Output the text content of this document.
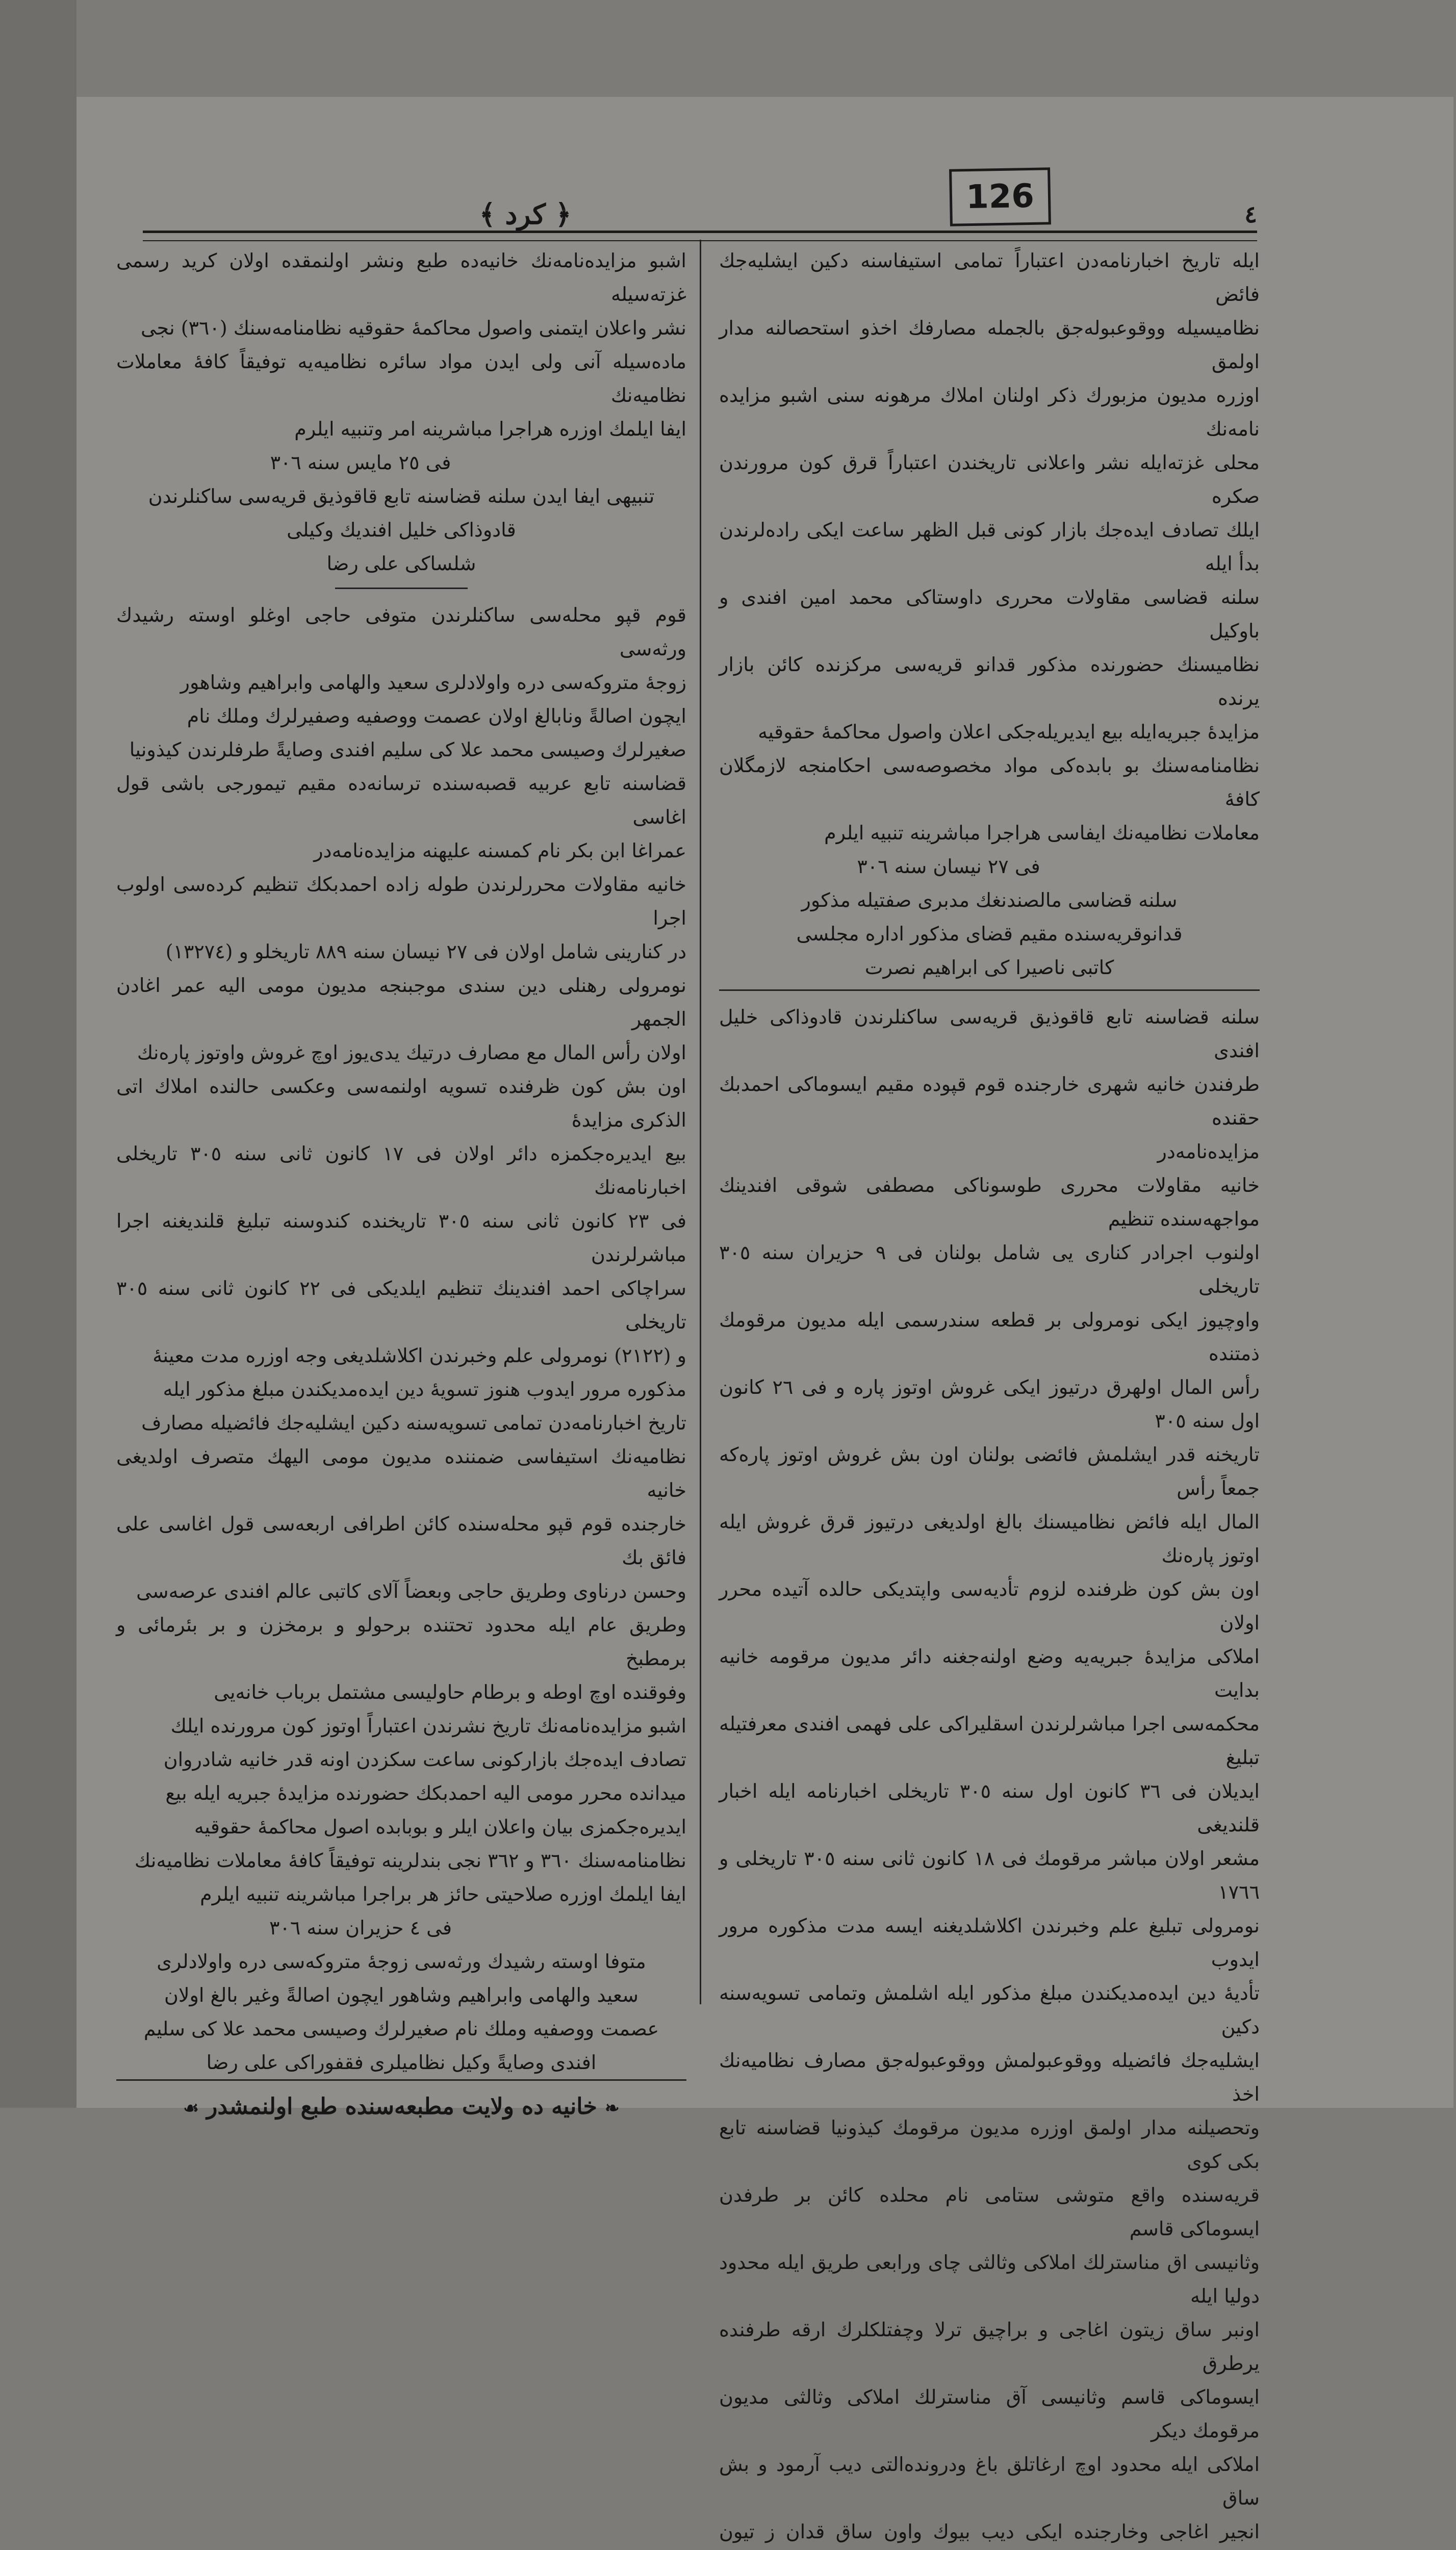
126	٤
﴿ كرد ﴾

ايله تاريخ اخبارنامه‌دن اعتباراً تمامی استيفاسنه دكين ايشليه‌جك فائض

نظاميسيله ووقوعبوله‌جق بالجمله مصارفك اخذو استحصالنه مدار اولمق

اوزره مديون مزبورك ذكر اولنان املاك مرهونه سنی اشبو مزايده نامه‌نك

محلی غزته‌ايله نشر واعلانی تاريخندن اعتباراً قرق كون مرورندن صكره

ايلك تصادف ايده‌جك بازار كونی قبل الظهر ساعت ايكی راده‌لرندن بدأ ايله

سلنه قضاسی مقاولات محرری داوستاكی محمد امين افندی و باوكيل

نظاميسنك حضورنده مذكور قدانو قريه‌سی مركزنده كائن بازار يرنده

مزايدهٔ جبريه‌ايله بيع ايديريله‌جكی اعلان واصول محاكمهٔ حقوقيه

نظامنامه‌سنك بو بابده‌كی مواد مخصوصه‌سی احكامنجه لازمگلان كافهٔ

معاملات نظاميه‌نك ايفاسی هراجرا مباشرينه تنبيه ايلرم

فی ٢٧ نيسان سنه ٣٠٦

سلنه قضاسی مالصندنغك مدبری صفتيله مذكور

قدانوقريه‌سنده مقيم قضای مذكور اداره مجلسی

كاتبی ناصيرا كی ابراهيم نصرت

سلنه قضاسنه تابع قاقوذيق قريه‌سی ساكنلرندن قادوذاكی خليل افندی

طرفندن خانيه شهری خارجنده قوم قپوده مقيم ايسوماكی احمدبك حقنده

مزايده‌نامه‌در

خانيه مقاولات محرری طوسوناكی مصطفی شوقی افندينك مواجهه‌سنده تنظيم

اولنوب اجرادر كناری يی شامل بولنان فی ٩ حزيران سنه ٣٠٥ تاريخلی

واوچيوز ايكی نومرولی بر قطعه سندرسمی ايله مديون مرقومك ذمتنده

رأس المال اولهرق درتيوز ايكی غروش اوتوز پاره و فی ٢٦ كانون اول سنه ٣٠٥

تاريخنه قدر ايشلمش فائضی بولنان اون بش غروش اوتوز پاره‌كه جمعاً رأس

المال ايله فائض نظاميسنك بالغ اولديغی درتيوز قرق غروش ايله اوتوز پاره‌نك

اون بش كون ظرفنده لزوم تأديه‌سی واپتديكی حالده آتيده محرر اولان

املاكی مزايدهٔ جبريه‌يه وضع اولنه‌جغنه دائر مديون مرقومه خانيه بدايت

محكمه‌سی اجرا مباشرلرندن اسقليراكی علی فهمی افندی معرفتيله تبليغ

ايديلان فی ٣٦ كانون اول سنه ٣٠٥ تاريخلی اخبارنامه ايله اخبار قلنديغی

مشعر اولان مباشر مرقومك فی ١٨ كانون ثانی سنه ٣٠٥ تاريخلی و ١٧٦٦

نومرولی تبليغ علم وخبرندن اكلاشلديغنه ايسه مدت مذكوره مرور ايدوب

تأديهٔ دين ايده‌مديكندن مبلغ مذكور ايله اشلمش وتمامی تسويه‌سنه دكين

ايشليه‌جك فائضيله ووقوعبولمش ووقوعبوله‌جق مصارف نظاميه‌نك اخذ

وتحصيلنه مدار اولمق اوزره مديون مرقومك كيذونيا قضاسنه تابع بكی كوی

قريه‌سنده واقع متوشی ستامی نام محلده كائن بر طرفدن ايسوماكی قاسم

وثانيسی اق مناسترلك املاكی وثالثی چای ورابعی طريق ايله محدود دوليا ايله

اونبر ساق زيتون اغاجی و براچيق ترلا وچفتلكلرك ارقه طرفنده يرطرق

ايسوماكی قاسم وثانيسی آق مناسترلك املاكی وثالثی مديون مرقومك ديكر

املاكی ايله محدود اوچ ارغاتلق باغ ودرونده‌التی ديب آرمود و بش ساق

انجير اغاجی وخارجنده ايكی ديب بيوك واون ساق قدان ز تيون

اشبو مزايده‌نامه‌نك خانيه‌ده طبع ونشر اولنمقده اولان كريد رسمی غزته‌سيله

نشر واعلان ايتمنی واصول محاكمهٔ حقوقيه نظامنامه‌سنك (٣٦٠) نجی

ماده‌سيله آنی ولی ايدن مواد سائره نظاميه‌يه توفيقاً كافهٔ معاملات نظاميه‌نك

ايفا ايلمك اوزره هراجرا مباشرينه امر وتنبيه ايلرم

فی ٢٥ مايس سنه ٣٠٦

تنبيهی ايفا ايدن سلنه قضاسنه تابع قاقوذيق قريه‌سی ساكنلرندن

قادوذاكی خليل افنديك وكيلی

شلساكی علی رضا

قوم قپو محله‌سی ساكنلرندن متوفی حاجی اوغلو اوسته رشيدك ورثه‌سی

زوجهٔ متروكه‌سی دره واولادلری سعيد والهامی وابراهيم وشاهور

ايچون اصالةً ونابالغ اولان عصمت ووصفيه وصفيرلرك وملك نام

صغيرلرك وصيسی محمد علا كی سليم افندی وصايةً طرفلرندن كيذونيا

قضاسنه تابع عربيه قصبه‌سنده ترسانه‌ده مقيم تيمورجی باشی قول اغاسی

عمراغا ابن بكر نام كمسنه عليهنه مزايده‌نامه‌در

خانيه مقاولات محررلرندن طوله زاده احمدبكك تنظيم كرده‌سی اولوب اجرا

در كنارينی شامل اولان فی ٢٧ نيسان سنه ٨٨٩ تاريخلو و (١٣٢٧٤)

نومرولی رهنلی دين سندی موجبنجه مديون مومی اليه عمر اغادن الجمهر

اولان رأس المال مع مصارف درتيك يدی‌يوز اوچ غروش واوتوز پاره‌نك

اون بش كون ظرفنده تسويه اولنمه‌سی وعكسی حالنده املاك اتی الذكری مزايدهٔ

بيع ايديره‌جكمزه دائر اولان فی ١٧ كانون ثانی سنه ٣٠٥ تاريخلی اخبارنامه‌نك

فی ٢٣ كانون ثانی سنه ٣٠٥ تاريخنده كندوسنه تبليغ قلنديغنه اجرا مباشرلرندن

سراچاكی احمد افندينك تنظيم ايلديكی فی ٢٢ كانون ثانی سنه ٣٠٥ تاريخلی

و (٢١٢٢) نومرولی علم وخبرندن اكلاشلديغی وجه اوزره مدت معينهٔ

مذكوره مرور ايدوب هنوز تسويهٔ دين ايده‌مديكندن مبلغ مذكور ايله

تاريخ اخبارنامه‌دن تمامی تسويه‌سنه دكين ايشليه‌جك فائضيله مصارف

نظاميه‌نك استيفاسی ضمننده مديون مومی اليهك متصرف اولديغی خانيه

خارجنده قوم قپو محله‌سنده كائن اطرافی اربعه‌سی قول اغاسی علی فائق بك

وحسن درناوی وطريق حاجی وبعضاً آلای كاتبی عالم افندی عرصه‌سی

وطريق عام ايله محدود تحتنده برحولو و برمخزن و بر بئرمائی و برمطبخ

وفوقنده اوچ اوطه و برطام حاوليسی مشتمل برباب خانه‌يی

اشبو مزايده‌نامه‌نك تاريخ نشرندن اعتباراً اوتوز كون مرورنده ايلك

تصادف ايده‌جك بازاركونی ساعت سكزدن اونه قدر خانيه شادروان

ميدانده محرر مومی اليه احمدبكك حضورنده مزايدهٔ جبريه ايله بيع

ايديره‌جكمزی بيان واعلان ايلر و بوبابده اصول محاكمهٔ حقوقيه

نظامنامه‌سنك ٣٦٠ و ٣٦٢ نجی بندلرينه توفيقاً كافهٔ معاملات نظاميه‌نك

ايفا ايلمك اوزره صلاحيتی حائز هر براجرا مباشرينه تنبيه ايلرم

فی ٤ حزيران سنه ٣٠٦

متوفا اوسته رشيدك ورثه‌سی زوجهٔ متروكه‌سی دره واولادلری

سعيد والهامی وابراهيم وشاهور ايچون اصالةً وغير بالغ اولان

عصمت ووصفيه وملك نام صغيرلرك وصيسی محمد علا كی سليم

افندی وصايةً وكيل نظاميلری فقفوراكی علی رضا

❧ خانيه ده ولايت مطبعه‌سنده طبع اولنمشدر ☙
